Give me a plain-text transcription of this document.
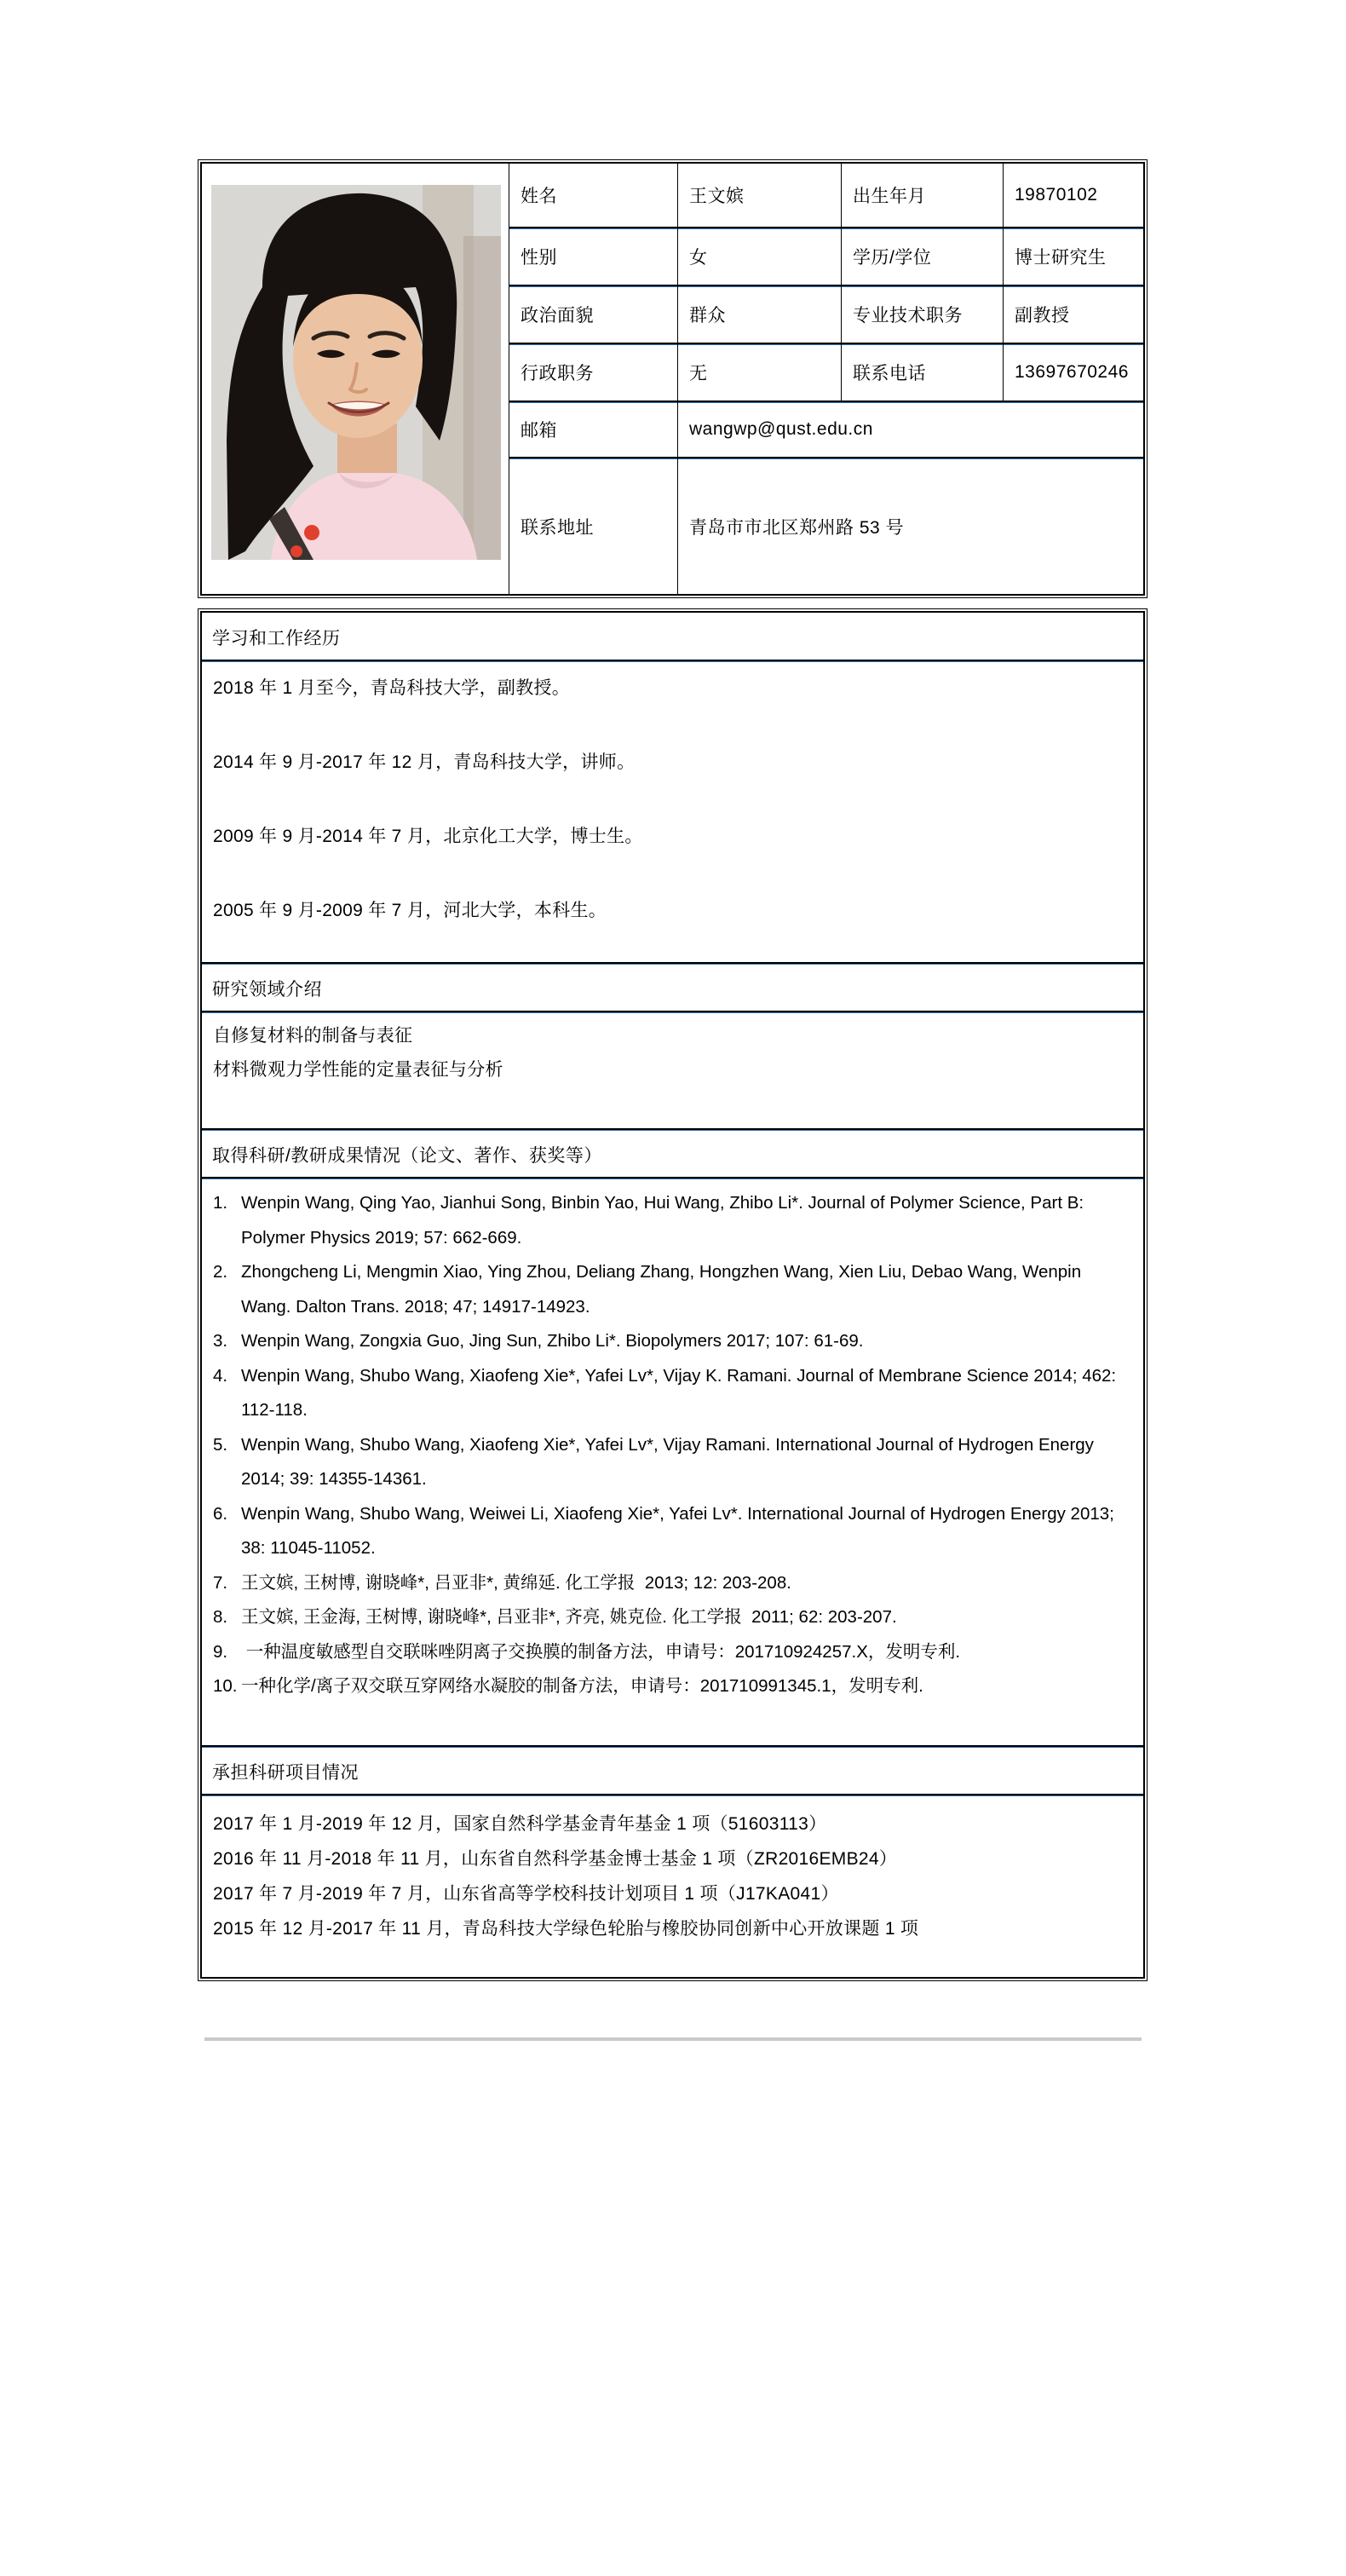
姓名	王文嫔	出生年月	19870102
性别	女	学历/学位	博士研究生
政治面貌	群众	专业技术职务	副教授
行政职务	无	联系电话	13697670246
邮箱	wangwp@qust.edu.cn
联系地址	青岛市市北区郑州路 53 号
学习和工作经历

2018 年 1 月至今，青岛科技大学，副教授。

2014 年 9 月-2017 年 12 月，青岛科技大学，讲师。

2009 年 9 月-2014 年 7 月，北京化工大学，博士生。

2005 年 9 月-2009 年 7 月，河北大学，本科生。

研究领域介绍

自修复材料的制备与表征

材料微观力学性能的定量表征与分析

取得科研/教研成果情况（论文、著作、获奖等）
1. Wenpin Wang, Qing Yao, Jianhui Song, Binbin Yao, Hui Wang, Zhibo Li*. Journal of Polymer Science, Part B: Polymer Physics 2019; 57: 662-669.
2. Zhongcheng Li, Mengmin Xiao, Ying Zhou, Deliang Zhang, Hongzhen Wang, Xien Liu, Debao Wang, Wenpin Wang. Dalton Trans. 2018; 47; 14917-14923.
3. Wenpin Wang, Zongxia Guo, Jing Sun, Zhibo Li*. Biopolymers 2017; 107: 61-69.
4. Wenpin Wang, Shubo Wang, Xiaofeng Xie*, Yafei Lv*, Vijay K. Ramani. Journal of Membrane Science 2014; 462: 112-118.
5. Wenpin Wang, Shubo Wang, Xiaofeng Xie*, Yafei Lv*, Vijay Ramani. International Journal of Hydrogen Energy 2014; 39: 14355-14361.
6. Wenpin Wang, Shubo Wang, Weiwei Li, Xiaofeng Xie*, Yafei Lv*. International Journal of Hydrogen Energy 2013; 38: 11045-11052.
7. 王文嫔, 王树博, 谢晓峰*, 吕亚非*, 黄绵延. 化工学报  2013; 12: 203-208.
8. 王文嫔, 王金海, 王树博, 谢晓峰*, 吕亚非*, 齐亮, 姚克俭. 化工学报  2011; 62: 203-207.
9. 一种温度敏感型自交联咪唑阴离子交换膜的制备方法，申请号：201710924257.X，发明专利.
10. 一种化学/离子双交联互穿网络水凝胶的制备方法，申请号：201710991345.1，发明专利.
承担科研项目情况

2017 年 1 月-2019 年 12 月，国家自然科学基金青年基金 1 项（51603113）

2016 年 11 月-2018 年 11 月，山东省自然科学基金博士基金 1 项（ZR2016EMB24）

2017 年 7 月-2019 年 7 月，山东省高等学校科技计划项目 1 项（J17KA041）

2015 年 12 月-2017 年 11 月，青岛科技大学绿色轮胎与橡胶协同创新中心开放课题 1 项
